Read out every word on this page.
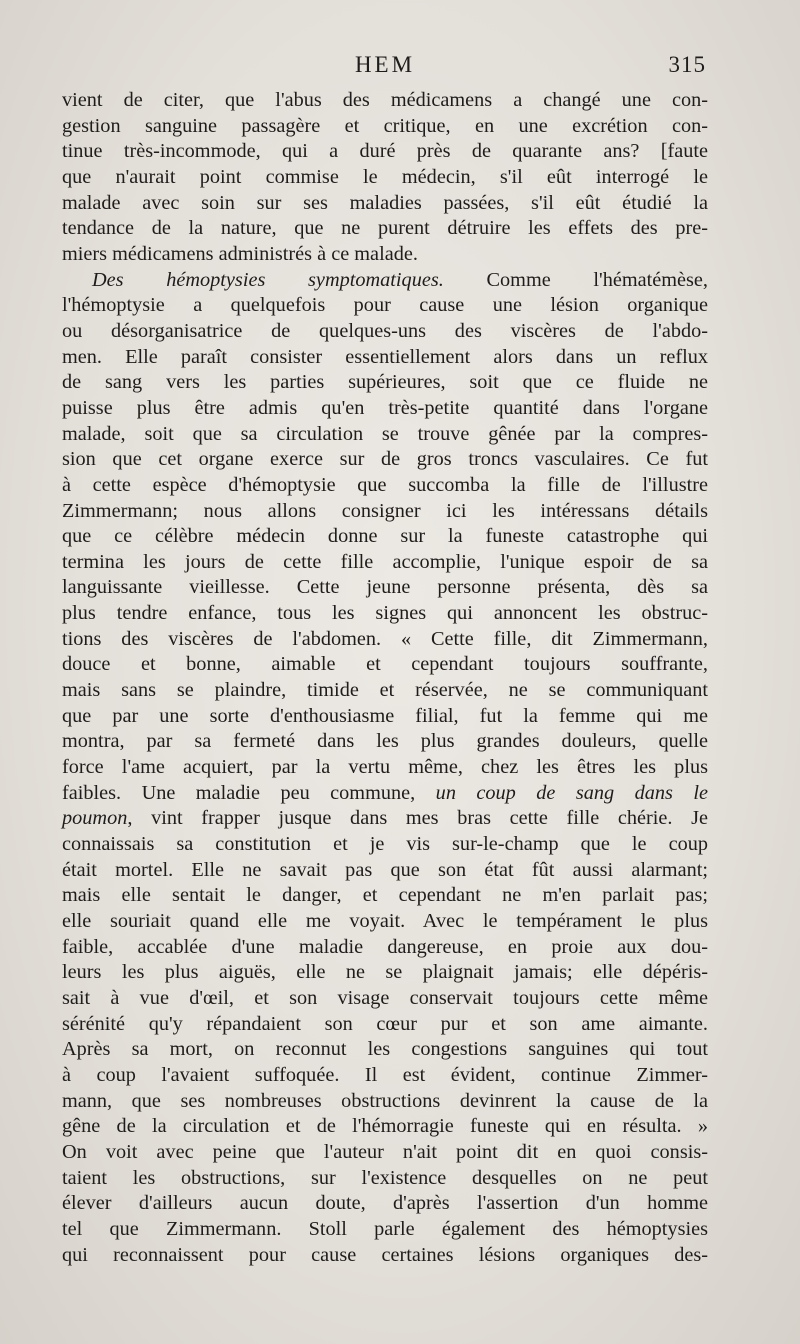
HEM	315
vient de citer, que l'abus des médicamens a changé une con-
gestion sanguine passagère et critique, en une excrétion con-
tinue très-incommode, qui a duré près de quarante ans? [faute
que n'aurait point commise le médecin, s'il eût interrogé le
malade avec soin sur ses maladies passées, s'il eût étudié la
tendance de la nature, que ne purent détruire les effets des pre-
miers médicamens administrés à ce malade.
Des hémoptysies symptomatiques. Comme l'hématémèse,
l'hémoptysie a quelquefois pour cause une lésion organique
ou désorganisatrice de quelques-uns des viscères de l'abdo-
men. Elle paraît consister essentiellement alors dans un reflux
de sang vers les parties supérieures, soit que ce fluide ne
puisse plus être admis qu'en très-petite quantité dans l'organe
malade, soit que sa circulation se trouve gênée par la compres-
sion que cet organe exerce sur de gros troncs vasculaires. Ce fut
à cette espèce d'hémoptysie que succomba la fille de l'illustre
Zimmermann; nous allons consigner ici les intéressans détails
que ce célèbre médecin donne sur la funeste catastrophe qui
termina les jours de cette fille accomplie, l'unique espoir de sa
languissante vieillesse. Cette jeune personne présenta, dès sa
plus tendre enfance, tous les signes qui annoncent les obstruc-
tions des viscères de l'abdomen. « Cette fille, dit Zimmermann,
douce et bonne, aimable et cependant toujours souffrante,
mais sans se plaindre, timide et réservée, ne se communiquant
que par une sorte d'enthousiasme filial, fut la femme qui me
montra, par sa fermeté dans les plus grandes douleurs, quelle
force l'ame acquiert, par la vertu même, chez les êtres les plus
faibles. Une maladie peu commune, un coup de sang dans le
poumon, vint frapper jusque dans mes bras cette fille chérie. Je
connaissais sa constitution et je vis sur-le-champ que le coup
était mortel. Elle ne savait pas que son état fût aussi alarmant;
mais elle sentait le danger, et cependant ne m'en parlait pas;
elle souriait quand elle me voyait. Avec le tempérament le plus
faible, accablée d'une maladie dangereuse, en proie aux dou-
leurs les plus aiguës, elle ne se plaignait jamais; elle dépéris-
sait à vue d'œil, et son visage conservait toujours cette même
sérénité qu'y répandaient son cœur pur et son ame aimante.
Après sa mort, on reconnut les congestions sanguines qui tout
à coup l'avaient suffoquée. Il est évident, continue Zimmer-
mann, que ses nombreuses obstructions devinrent la cause de la
gêne de la circulation et de l'hémorragie funeste qui en résulta. »
On voit avec peine que l'auteur n'ait point dit en quoi consis-
taient les obstructions, sur l'existence desquelles on ne peut
élever d'ailleurs aucun doute, d'après l'assertion d'un homme
tel que Zimmermann. Stoll parle également des hémoptysies
qui reconnaissent pour cause certaines lésions organiques des-
